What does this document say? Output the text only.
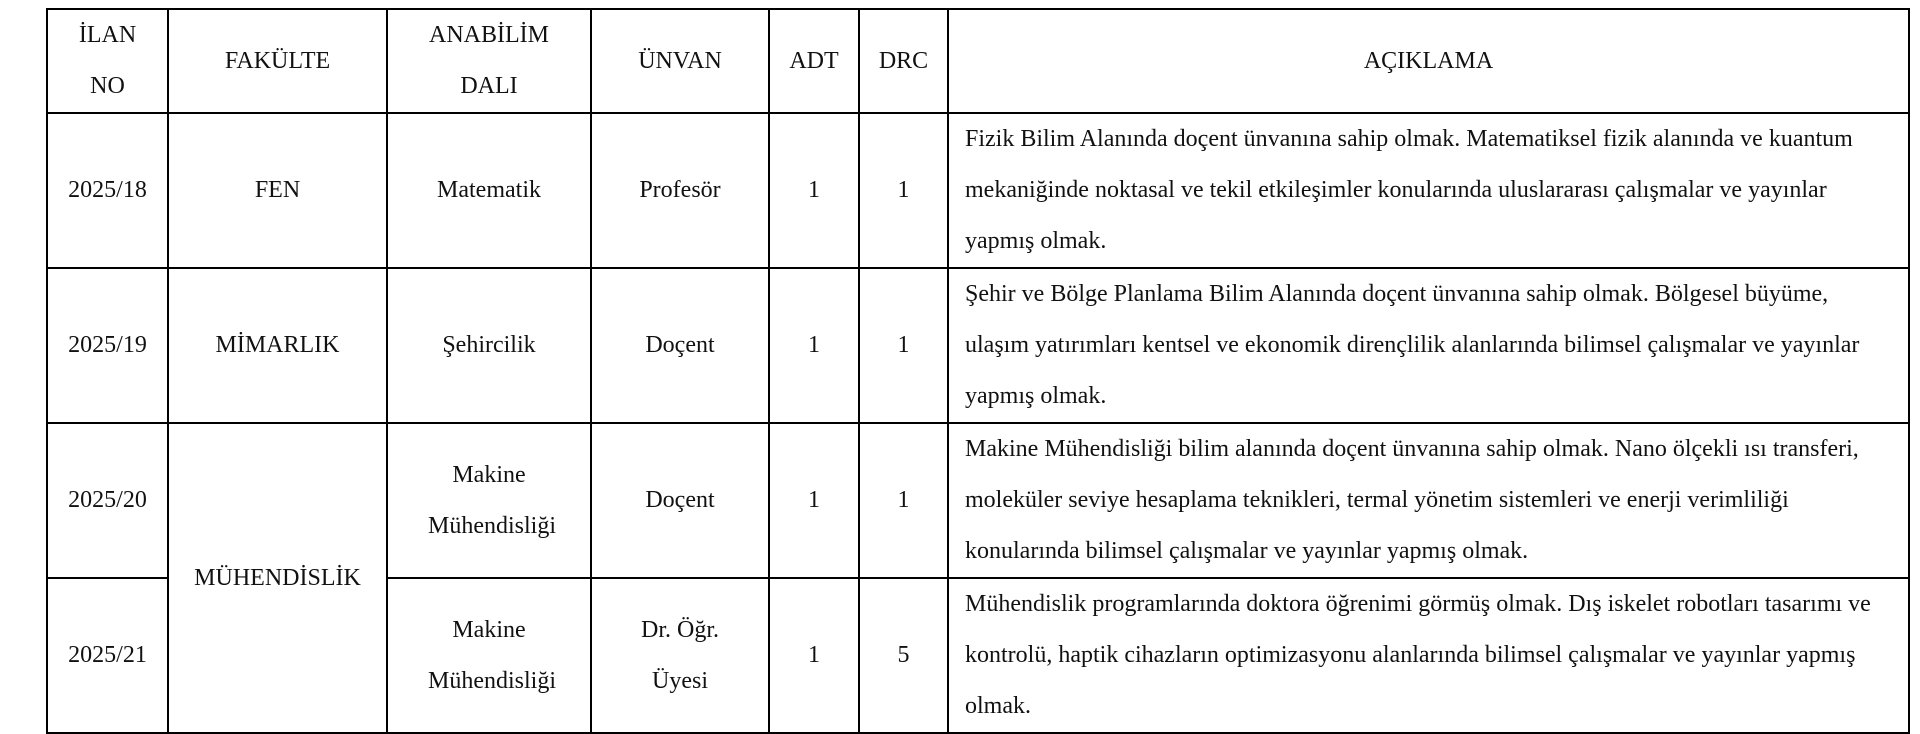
İLAN NO	FAKÜLTE	ANABİLİM DALI	ÜNVAN	ADT	DRC	AÇIKLAMA

2025/18	FEN	Matematik	Profesör	1	1	Fizik Bilim Alanında doçent ünvanına sahip olmak. Matematiksel fizik alanında ve kuantum mekaniğinde noktasal ve tekil etkileşimler konularında uluslararası çalışmalar ve yayınlar yapmış olmak.
2025/19	MİMARLIK	Şehircilik	Doçent	1	1	Şehir ve Bölge Planlama Bilim Alanında doçent ünvanına sahip olmak. Bölgesel büyüme, ulaşım yatırımları kentsel ve ekonomik dirençlilik alanlarında bilimsel çalışmalar ve yayınlar yapmış olmak.
2025/20	MÜHENDİSLİK	Makine Mühendisliği	Doçent	1	1	Makine Mühendisliği bilim alanında doçent ünvanına sahip olmak. Nano ölçekli ısı transferi, moleküler seviye hesaplama teknikleri, termal yönetim sistemleri ve enerji verimliliği konularında bilimsel çalışmalar ve yayınlar yapmış olmak.
2025/21		Makine Mühendisliği	Dr. Öğr. Üyesi	1	5	Mühendislik programlarında doktora öğrenimi görmüş olmak. Dış iskelet robotları tasarımı ve kontrolü, haptik cihazların optimizasyonu alanlarında bilimsel çalışmalar ve yayınlar yapmış olmak.
